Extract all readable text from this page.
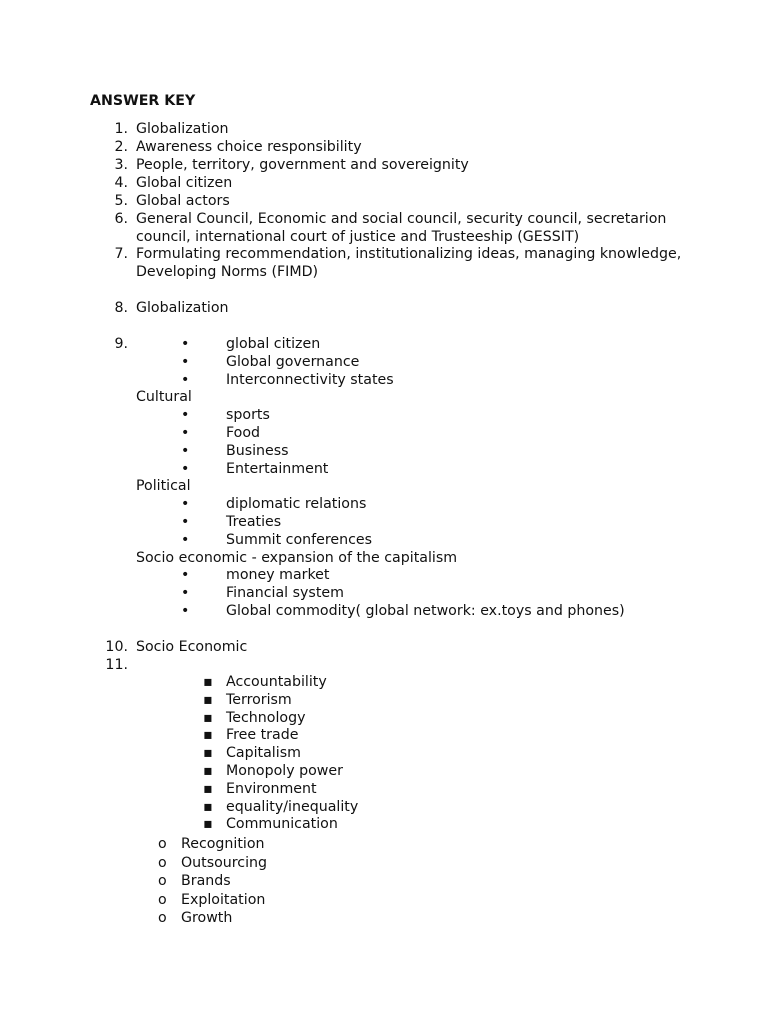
ANSWER KEY
1. Globalization
2. Awareness choice responsibility
3. People, territory, government and sovereignity
4. Global citizen
5. Global actors
6. General Council, Economic and social council, security council, secretarion
council, international court of justice and Trusteeship (GESSIT)
7. Formulating recommendation, institutionalizing ideas, managing knowledge,
Developing Norms (FIMD)
8. Globalization
9.	•	global citizen
•	Global governance
•	Interconnectivity states
Cultural
•	sports
•	Food
•	Business
•	Entertainment
Political
•	diplomatic relations
•	Treaties
•	Summit conferences
Socio economic - expansion of the capitalism
•	money market
•	Financial system
•	Global commodity( global network: ex.toys and phones)
10. Socio Economic
11.
▪ Accountability
▪ Terrorism
▪ Technology
▪ Free trade
▪ Capitalism
▪ Monopoly power
▪ Environment
▪ equality/inequality
▪ Communication
o Recognition
o Outsourcing
o Brands
o Exploitation
o Growth
